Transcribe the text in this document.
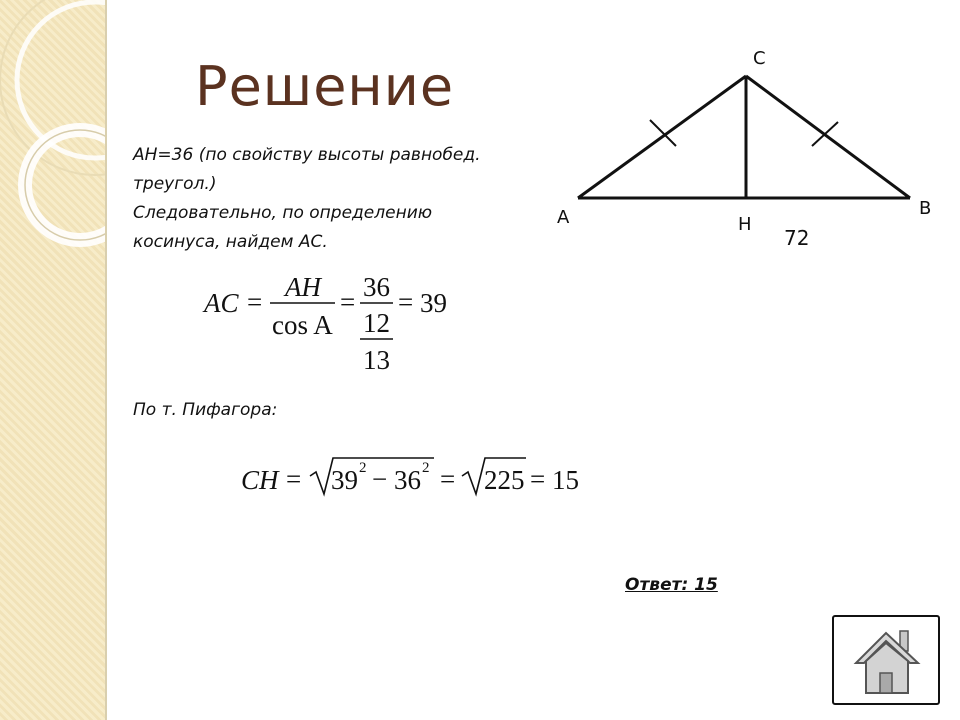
Решение
AH=36 (по свойству высоты равнобед.
треугол.)
Следовательно, по определению
косинуса, найдем AC.
C
A	B
H
72
AC = AH
cos A
= 36
12
13
= 39
По т. Пифагора:
CH = 39 2 − 36 2 = 225 = 15
Ответ: 15
